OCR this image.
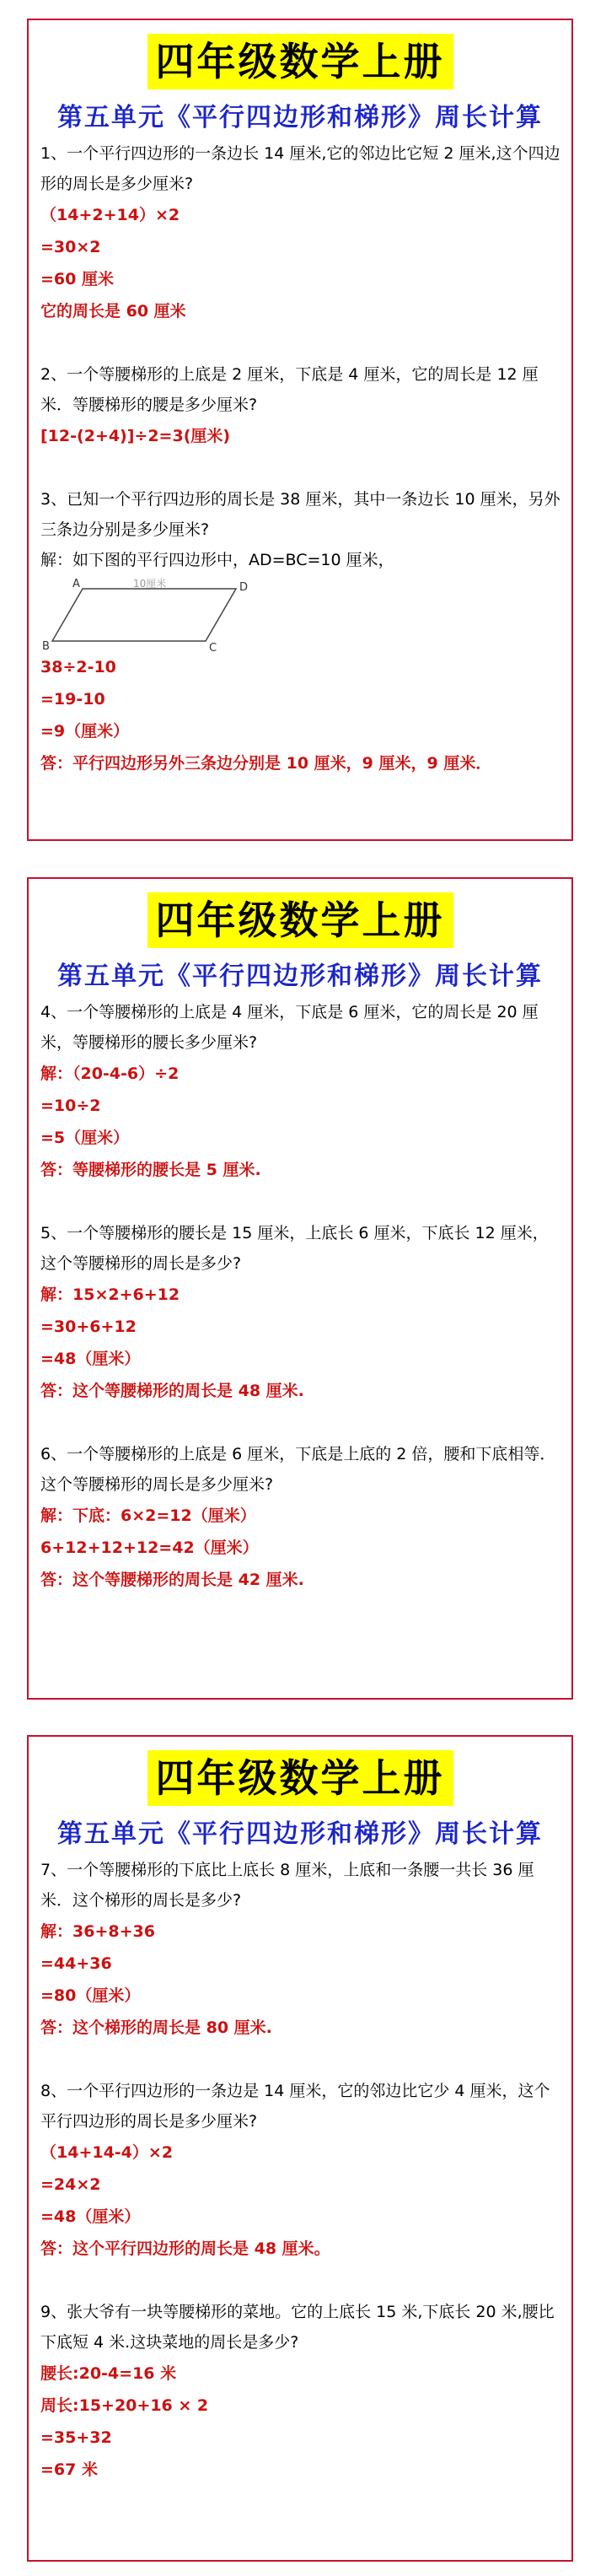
四年级数学上册
第五单元《平行四边形和梯形》周长计算

1、一个平行四边形的一条边长 14 厘米,它的邻边比它短 2 厘米,这个四边形的周长是多少厘米?

（14+2+14）×2

=30×2

=60 厘米

它的周长是 60 厘米

2、一个等腰梯形的上底是 2 厘米，下底是 4 厘米，它的周长是 12 厘米．等腰梯形的腰是多少厘米?

[12-(2+4)]÷2=3(厘米)

3、已知一个平行四边形的周长是 38 厘米，其中一条边长 10 厘米，另外三条边分别是多少厘米?

解：如下图的平行四边形中，AD=BC=10 厘米，

A	D
B	C
10厘米

38÷2-10

=19-10

=9（厘米）

答：平行四边形另外三条边分别是 10 厘米，9 厘米，9 厘米．

四年级数学上册
第五单元《平行四边形和梯形》周长计算

4、一个等腰梯形的上底是 4 厘米，下底是 6 厘米，它的周长是 20 厘米，等腰梯形的腰长多少厘米?

解：（20-4-6）÷2

=10÷2

=5（厘米）

答：等腰梯形的腰长是 5 厘米.

5、一个等腰梯形的腰长是 15 厘米，上底长 6 厘米，下底长 12 厘米，这个等腰梯形的周长是多少?

解：15×2+6+12

=30+6+12

=48（厘米）

答：这个等腰梯形的周长是 48 厘米.

6、一个等腰梯形的上底是 6 厘米，下底是上底的 2 倍，腰和下底相等．这个等腰梯形的周长是多少厘米?

解：下底：6×2=12（厘米）

6+12+12+12=42（厘米）

答：这个等腰梯形的周长是 42 厘米.

四年级数学上册
第五单元《平行四边形和梯形》周长计算

7、一个等腰梯形的下底比上底长 8 厘米，上底和一条腰一共长 36 厘米．这个梯形的周长是多少?

解：36+8+36

=44+36

=80（厘米）

答：这个梯形的周长是 80 厘米.

8、一个平行四边形的一条边是 14 厘米，它的邻边比它少 4 厘米，这个平行四边形的周长是多少厘米?

（14+14-4）×2

=24×2

=48（厘米）

答：这个平行四边形的周长是 48 厘米。

9、张大爷有一块等腰梯形的菜地。它的上底长 15 米,下底长 20 米,腰比下底短 4 米.这块菜地的周长是多少?

腰长:20-4=16 米

周长:15+20+16 × 2

=35+32

=67 米
